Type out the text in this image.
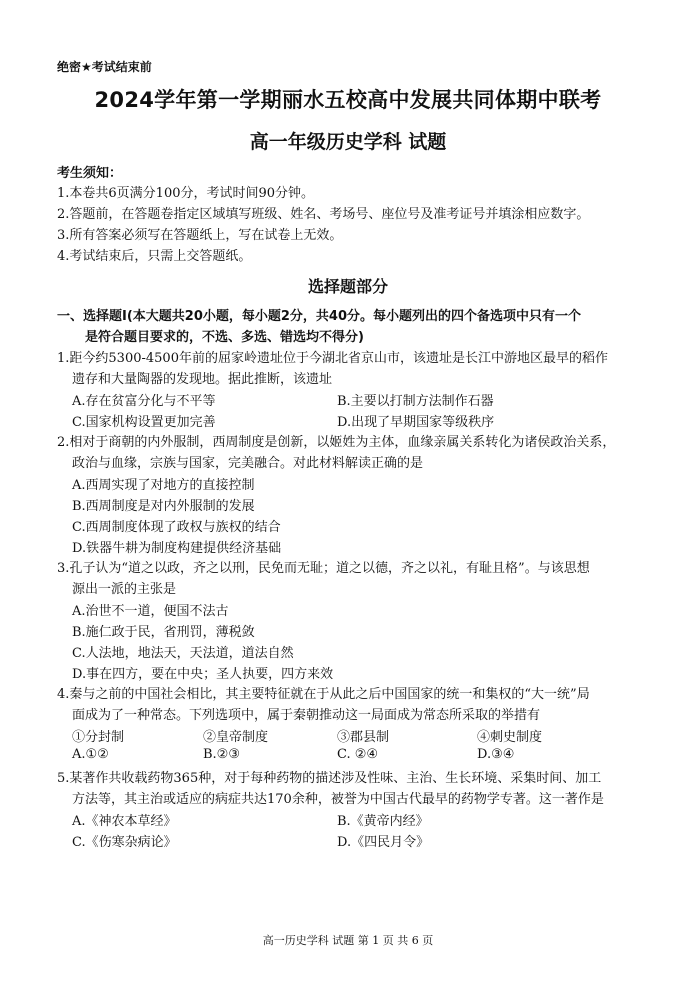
绝密★考试结束前
2024学年第一学期丽水五校高中发展共同体期中联考
高一年级历史学科 试题
考生须知：
1.本卷共6页满分100分，考试时间90分钟。
2.答题前，在答题卷指定区域填写班级、姓名、考场号、座位号及准考证号并填涂相应数字。
3.所有答案必须写在答题纸上，写在试卷上无效。
4.考试结束后，只需上交答题纸。
选择题部分
一、选择题Ⅰ(本大题共20小题，每小题2分，共40分。每小题列出的四个备选项中只有一个
是符合题目要求的，不选、多选、错选均不得分)
1.距今约5300-4500年前的屈家岭遗址位于今湖北省京山市，该遗址是长江中游地区最早的稻作
遗存和大量陶器的发现地。据此推断，该遗址
A.存在贫富分化与不平等	B.主要以打制方法制作石器
C.国家机构设置更加完善	D.出现了早期国家等级秩序
2.相对于商朝的内外服制，西周制度是创新，以姬姓为主体，血缘亲属关系转化为诸侯政治关系，
政治与血缘，宗族与国家，完美融合。对此材料解读正确的是
A.西周实现了对地方的直接控制
B.西周制度是对内外服制的发展
C.西周制度体现了政权与族权的结合
D.铁器牛耕为制度构建提供经济基础
3.孔子认为“道之以政，齐之以刑，民免而无耻；道之以德，齐之以礼，有耻且格”。与该思想
源出一派的主张是
A.治世不一道，便国不法古
B.施仁政于民，省刑罚，薄税敛
C.人法地，地法天，天法道，道法自然
D.事在四方，要在中央；圣人执要，四方来效
4.秦与之前的中国社会相比，其主要特征就在于从此之后中国国家的统一和集权的“大一统”局
面成为了一种常态。下列选项中，属于秦朝推动这一局面成为常态所采取的举措有
①分封制	②皇帝制度	③郡县制	④刺史制度
A.①②	B.②③	C. ②④	D.③④
5.某著作共收载药物365种，对于每种药物的描述涉及性味、主治、生长环境、采集时间、加工
方法等，其主治或适应的病症共达170余种，被誉为中国古代最早的药物学专著。这一著作是
A.《神农本草经》	B.《黄帝内经》
C.《伤寒杂病论》	D.《四民月令》
高一历史学科 试题 第 1 页 共 6 页
